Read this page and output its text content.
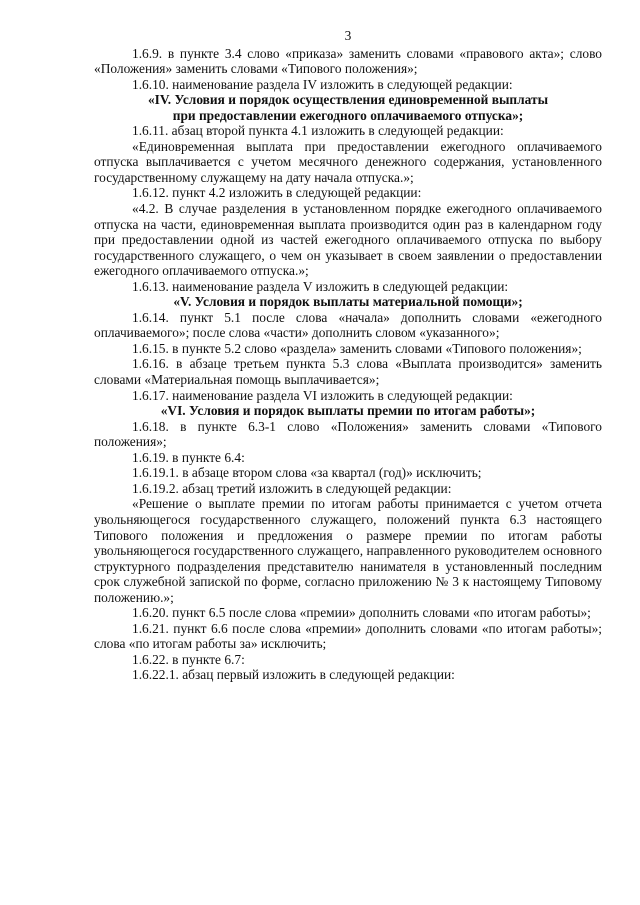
3
1.6.9. в пункте 3.4 слово «приказа» заменить словами «правового акта»; слово «Положения» заменить словами «Типового положения»;
1.6.10. наименование раздела IV изложить в следующей редакции:
«IV. Условия и порядок осуществления единовременной выплаты
при предоставлении ежегодного оплачиваемого отпуска»;
1.6.11. абзац второй пункта 4.1 изложить в следующей редакции:
«Единовременная выплата при предоставлении ежегодного оплачиваемого отпуска выплачивается с учетом месячного денежного содержания, установленного государственному служащему на дату начала отпуска.»;
1.6.12. пункт 4.2 изложить в следующей редакции:
«4.2. В случае разделения в установленном порядке ежегодного оплачиваемого отпуска на части, единовременная выплата производится один раз в календарном году при предоставлении одной из частей ежегодного оплачиваемого отпуска по выбору государственного служащего, о чем он указывает в своем заявлении о предоставлении ежегодного оплачиваемого отпуска.»;
1.6.13. наименование раздела V изложить в следующей редакции:
«V. Условия и порядок выплаты материальной помощи»;
1.6.14. пункт 5.1 после слова «начала» дополнить словами «ежегодного оплачиваемого»; после слова «части» дополнить словом «указанного»;
1.6.15. в пункте 5.2 слово «раздела» заменить словами «Типового положения»;
1.6.16. в абзаце третьем пункта 5.3 слова «Выплата производится» заменить словами «Материальная помощь выплачивается»;
1.6.17. наименование раздела VI изложить в следующей редакции:
«VI. Условия и порядок выплаты премии по итогам работы»;
1.6.18. в пункте 6.3-1 слово «Положения» заменить словами «Типового положения»;
1.6.19. в пункте 6.4:
1.6.19.1. в абзаце втором слова «за квартал (год)» исключить;
1.6.19.2. абзац третий изложить в следующей редакции:
«Решение о выплате премии по итогам работы принимается с учетом отчета увольняющегося государственного служащего, положений пункта 6.3 настоящего Типового положения и предложения о размере премии по итогам работы увольняющегося государственного служащего, направленного руководителем основного структурного подразделения представителю нанимателя в установленный последним срок служебной запиской по форме, согласно приложению № 3 к настоящему Типовому положению.»;
1.6.20. пункт 6.5 после слова «премии» дополнить словами «по итогам работы»;
1.6.21. пункт 6.6 после слова «премии» дополнить словами «по итогам работы»; слова «по итогам работы за» исключить;
1.6.22. в пункте 6.7:
1.6.22.1. абзац первый изложить в следующей редакции:
